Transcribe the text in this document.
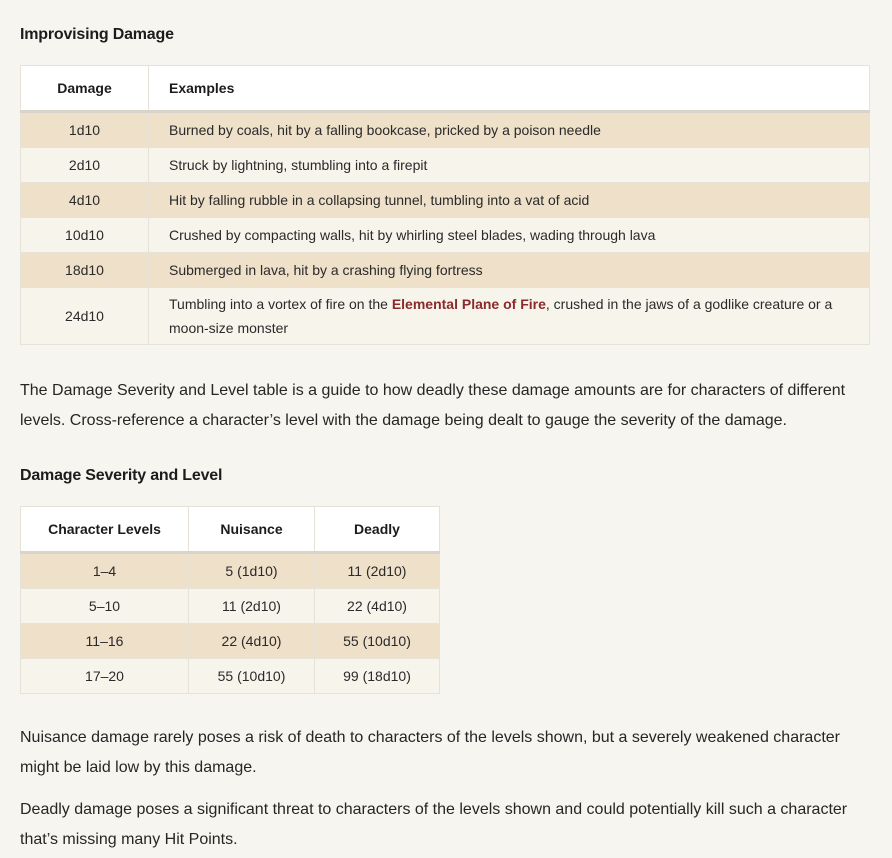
Improvising Damage
Damage	Examples
1d10	Burned by coals, hit by a falling bookcase, pricked by a poison needle
2d10	Struck by lightning, stumbling into a firepit
4d10	Hit by falling rubble in a collapsing tunnel, tumbling into a vat of acid
10d10	Crushed by compacting walls, hit by whirling steel blades, wading through lava
18d10	Submerged in lava, hit by a crashing flying fortress
24d10	Tumbling into a vortex of fire on the Elemental Plane of Fire, crushed in the jaws of a godlike creature or a moon-size monster

The Damage Severity and Level table is a guide to how deadly these damage amounts are for characters of different levels. Cross-reference a character’s level with the damage being dealt to gauge the severity of the damage.

Damage Severity and Level
Character Levels	Nuisance	Deadly
1–4	5 (1d10)	11 (2d10)
5–10	11 (2d10)	22 (4d10)
11–16	22 (4d10)	55 (10d10)
17–20	55 (10d10)	99 (18d10)

Nuisance damage rarely poses a risk of death to characters of the levels shown, but a severely weakened character might be laid low by this damage.

Deadly damage poses a significant threat to characters of the levels shown and could potentially kill such a character that’s missing many Hit Points.
